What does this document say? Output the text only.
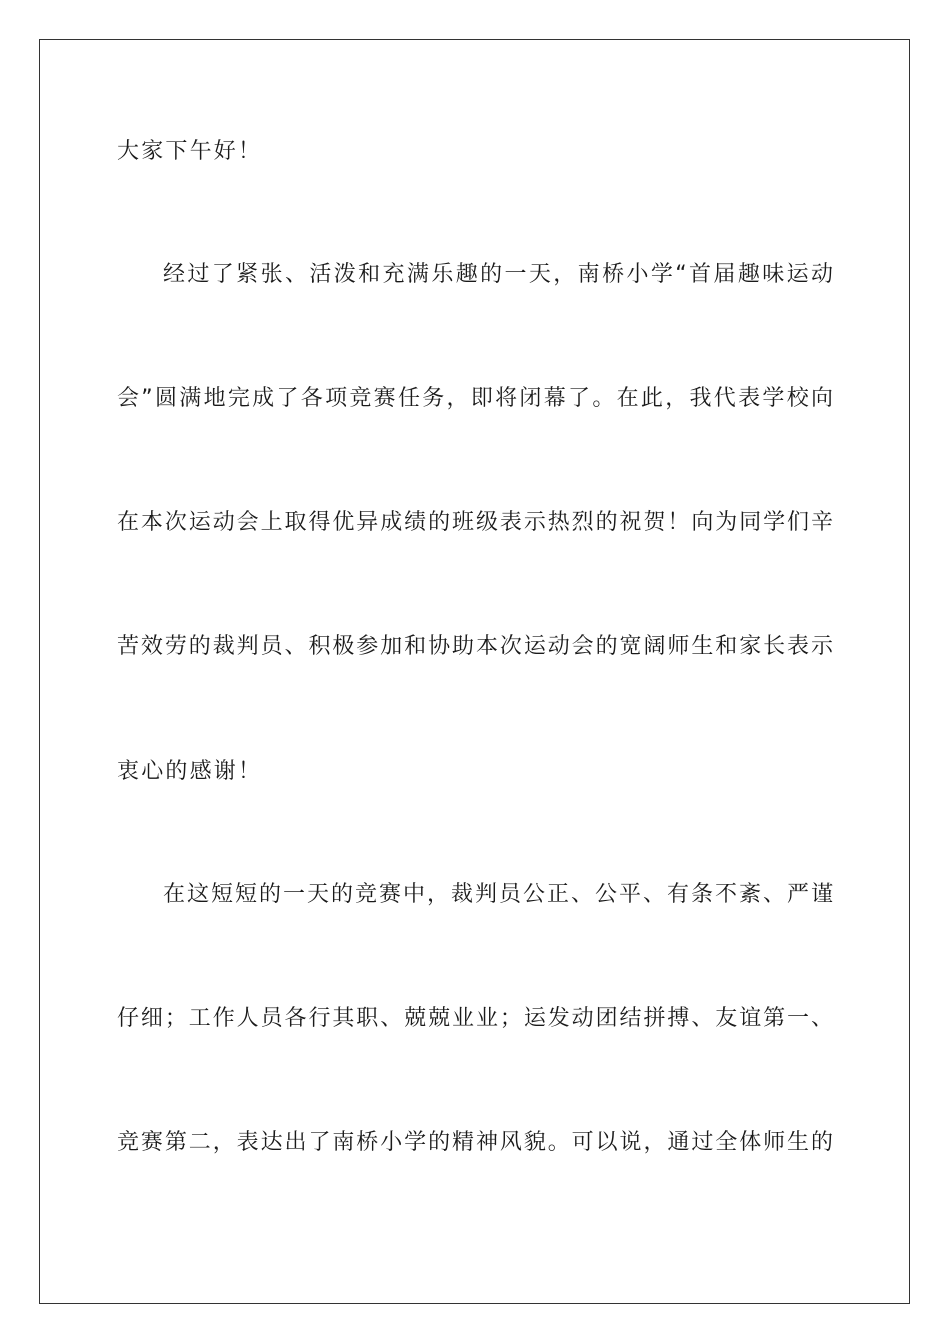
大家下午好！
经过了紧张、活泼和充满乐趣的一天，南桥小学“首届趣味运动
会”圆满地完成了各项竞赛任务，即将闭幕了。在此，我代表学校向
在本次运动会上取得优异成绩的班级表示热烈的祝贺！向为同学们辛
苦效劳的裁判员、积极参加和协助本次运动会的宽阔师生和家长表示
衷心的感谢！
在这短短的一天的竞赛中，裁判员公正、公平、有条不紊、严谨
仔细；工作人员各行其职、兢兢业业；运发动团结拼搏、友谊第一、
竞赛第二，表达出了南桥小学的精神风貌。可以说，通过全体师生的
